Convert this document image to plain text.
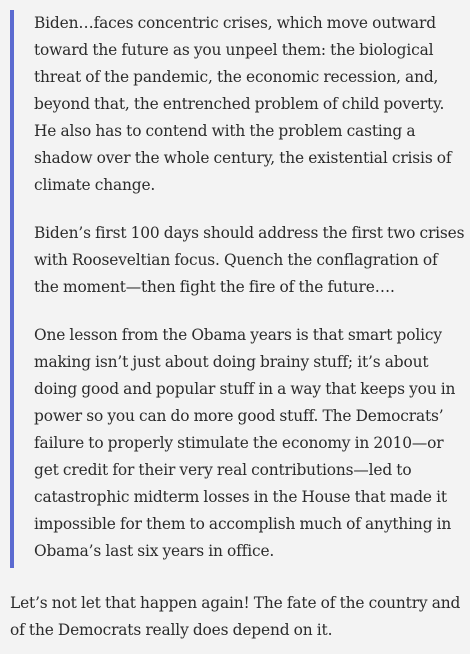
Biden…faces concentric crises, which move outward
toward the future as you unpeel them: the biological
threat of the pandemic, the economic recession, and,
beyond that, the entrenched problem of child poverty.
He also has to contend with the problem casting a
shadow over the whole century, the existential crisis of
climate change.

Biden’s first 100 days should address the first two crises
with Rooseveltian focus. Quench the conflagration of
the moment—then fight the fire of the future….

One lesson from the Obama years is that smart policy
making isn’t just about doing brainy stuff; it’s about
doing good and popular stuff in a way that keeps you in
power so you can do more good stuff. The Democrats’
failure to properly stimulate the economy in 2010—or
get credit for their very real contributions—led to
catastrophic midterm losses in the House that made it
impossible for them to accomplish much of anything in
Obama’s last six years in office.

Let’s not let that happen again! The fate of the country and
of the Democrats really does depend on it.
